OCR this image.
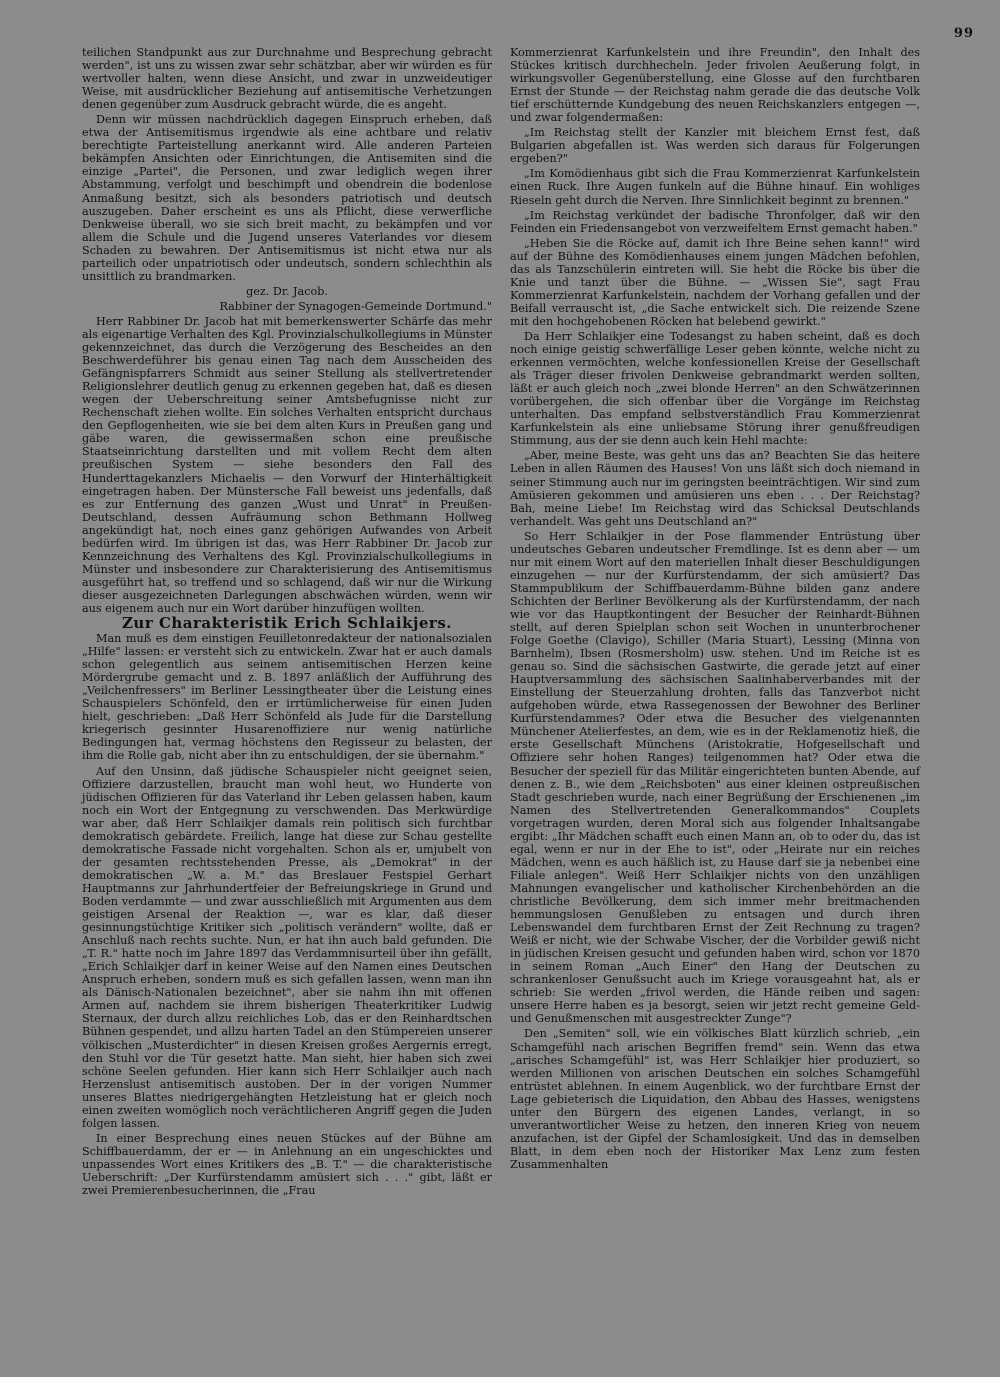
99

teilichen Standpunkt aus zur Durchnahme und Besprechung gebracht werden", ist uns zu wissen zwar sehr schätzbar, aber wir würden es für wertvoller halten, wenn diese Ansicht, und zwar in unzweideutiger Weise, mit ausdrücklicher Beziehung auf antisemitische Verhetzungen denen gegenüber zum Ausdruck gebracht würde, die es angeht.

Denn wir müssen nachdrücklich dagegen Einspruch erheben, daß etwa der Antisemitismus irgendwie als eine achtbare und relativ berechtigte Parteistellung anerkannt wird. Alle anderen Parteien bekämpfen Ansichten oder Einrichtungen, die Antisemiten sind die einzige „Partei", die Personen, und zwar lediglich wegen ihrer Abstammung, verfolgt und beschimpft und obendrein die bodenlose Anmaßung besitzt, sich als besonders patriotisch und deutsch auszugeben. Daher erscheint es uns als Pflicht, diese verwerfliche Denkweise überall, wo sie sich breit macht, zu bekämpfen und vor allem die Schule und die Jugend unseres Vaterlandes vor diesem Schaden zu bewahren. Der Antisemitismus ist nicht etwa nur als parteilich oder unpatriotisch oder undeutsch, sondern schlechthin als unsittlich zu brandmarken.

gez. Dr. Jacob.

Rabbiner der Synagogen-Gemeinde Dortmund."

Herr Rabbiner Dr. Jacob hat mit bemerkenswerter Schärfe das mehr als eigenartige Verhalten des Kgl. Provinzialschulkollegiums in Münster gekennzeichnet, das durch die Verzögerung des Bescheides an den Beschwerdeführer bis genau einen Tag nach dem Ausscheiden des Gefängnispfarrers Schmidt aus seiner Stellung als stellvertretender Religionslehrer deutlich genug zu erkennen gegeben hat, daß es diesen wegen der Ueberschreitung seiner Amtsbefugnisse nicht zur Rechenschaft ziehen wollte. Ein solches Verhalten entspricht durchaus den Gepflogenheiten, wie sie bei dem alten Kurs in Preußen gang und gäbe waren, die gewissermaßen schon eine preußische Staatseinrichtung darstellten und mit vollem Recht dem alten preußischen System — siehe besonders den Fall des Hunderttagekanzlers Michaelis — den Vorwurf der Hinterhältigkeit eingetragen haben. Der Münstersche Fall beweist uns jedenfalls, daß es zur Entfernung des ganzen „Wust und Unrat" in Preußen-Deutschland, dessen Aufräumung schon Bethmann Hollweg angekündigt hat, noch eines ganz gehörigen Aufwandes von Arbeit bedürfen wird. Im übrigen ist das, was Herr Rabbiner Dr. Jacob zur Kennzeichnung des Verhaltens des Kgl. Provinzialschulkollegiums in Münster und insbesondere zur Charakterisierung des Antisemitismus ausgeführt hat, so treffend und so schlagend, daß wir nur die Wirkung dieser ausgezeichneten Darlegungen abschwächen würden, wenn wir aus eigenem auch nur ein Wort darüber hinzufügen wollten.

Zur Charakteristik Erich Schlaikjers.

Man muß es dem einstigen Feuilletonredakteur der nationalsozialen „Hilfe" lassen: er versteht sich zu entwickeln. Zwar hat er auch damals schon gelegentlich aus seinem antisemitischen Herzen keine Mördergrube gemacht und z. B. 1897 anläßlich der Aufführung des „Veilchenfressers" im Berliner Lessingtheater über die Leistung eines Schauspielers Schönfeld, den er irrtümlicherweise für einen Juden hielt, geschrieben: „Daß Herr Schönfeld als Jude für die Darstellung kriegerisch gesinnter Husarenoffiziere nur wenig natürliche Bedingungen hat, vermag höchstens den Regisseur zu belasten, der ihm die Rolle gab, nicht aber ihn zu entschuldigen, der sie übernahm."

Auf den Unsinn, daß jüdische Schauspieler nicht geeignet seien, Offiziere darzustellen, braucht man wohl heut, wo Hunderte von jüdischen Offizieren für das Vaterland ihr Leben gelassen haben, kaum noch ein Wort der Entgegnung zu verschwenden. Das Merkwürdige war aber, daß Herr Schlaikjer damals rein politisch sich furchtbar demokratisch gebärdete. Freilich, lange hat diese zur Schau gestellte demokratische Fassade nicht vorgehalten. Schon als er, umjubelt von der gesamten rechtsstehenden Presse, als „Demokrat" in der demokratischen „W. a. M." das Breslauer Festspiel Gerhart Hauptmanns zur Jahrhundertfeier der Befreiungskriege in Grund und Boden verdammte — und zwar ausschließlich mit Argumenten aus dem geistigen Arsenal der Reaktion —, war es klar, daß dieser gesinnungstüchtige Kritiker sich „politisch verändern" wollte, daß er Anschluß nach rechts suchte. Nun, er hat ihn auch bald gefunden. Die „T. R." hatte noch im Jahre 1897 das Verdammnisurteil über ihn gefällt, „Erich Schlaikjer darf in keiner Weise auf den Namen eines Deutschen Anspruch erheben, sondern muß es sich gefallen lassen, wenn man ihn als Dänisch-Nationalen bezeichnet", aber sie nahm ihn mit offenen Armen auf, nachdem sie ihrem bisherigen Theaterkritiker Ludwig Sternaux, der durch allzu reichliches Lob, das er den Reinhardtschen Bühnen gespendet, und allzu harten Tadel an den Stümpereien unserer völkischen „Musterdichter" in diesen Kreisen großes Aergernis erregt, den Stuhl vor die Tür gesetzt hatte. Man sieht, hier haben sich zwei schöne Seelen gefunden. Hier kann sich Herr Schlaikjer auch nach Herzenslust antisemitisch austoben. Der in der vorigen Nummer unseres Blattes niedrigergehängten Hetzleistung hat er gleich noch einen zweiten womöglich noch verächtlicheren Angriff gegen die Juden folgen lassen.

In einer Besprechung eines neuen Stückes auf der Bühne am Schiffbauerdamm, der er — in Anlehnung an ein ungeschicktes und unpassendes Wort eines Kritikers des „B. T." — die charakteristische Ueberschrift: „Der Kurfürstendamm amüsiert sich . . ." gibt, läßt er zwei Premierenbesucherinnen, die „Frau

Kommerzienrat Karfunkelstein und ihre Freundin", den Inhalt des Stückes kritisch durchhecheln. Jeder frivolen Aeußerung folgt, in wirkungsvoller Gegenüberstellung, eine Glosse auf den furchtbaren Ernst der Stunde — der Reichstag nahm gerade die das deutsche Volk tief erschütternde Kundgebung des neuen Reichskanzlers entgegen —, und zwar folgendermaßen:

„Im Reichstag stellt der Kanzler mit bleichem Ernst fest, daß Bulgarien abgefallen ist. Was werden sich daraus für Folgerungen ergeben?"

„Im Komödienhaus gibt sich die Frau Kommerzienrat Karfunkelstein einen Ruck. Ihre Augen funkeln auf die Bühne hinauf. Ein wohliges Rieseln geht durch die Nerven. Ihre Sinnlichkeit beginnt zu brennen."

„Im Reichstag verkündet der badische Thronfolger, daß wir den Feinden ein Friedensangebot von verzweifeltem Ernst gemacht haben."

„Heben Sie die Röcke auf, damit ich Ihre Beine sehen kann!" wird auf der Bühne des Komödienhauses einem jungen Mädchen befohlen, das als Tanzschülerin eintreten will. Sie hebt die Röcke bis über die Knie und tanzt über die Bühne. — „Wissen Sie", sagt Frau Kommerzienrat Karfunkelstein, nachdem der Vorhang gefallen und der Beifall verrauscht ist, „die Sache entwickelt sich. Die reizende Szene mit den hochgehobenen Röcken hat belebend gewirkt."

Da Herr Schlaikjer eine Todesangst zu haben scheint, daß es doch noch einige geistig schwerfällige Leser geben könnte, welche nicht zu erkennen vermöchten, welche konfessionellen Kreise der Gesellschaft als Träger dieser frivolen Denkweise gebrandmarkt werden sollten, läßt er auch gleich noch „zwei blonde Herren" an den Schwätzerinnen vorübergehen, die sich offenbar über die Vorgänge im Reichstag unterhalten. Das empfand selbstverständlich Frau Kommerzienrat Karfunkelstein als eine unliebsame Störung ihrer genußfreudigen Stimmung, aus der sie denn auch kein Hehl machte:

„Aber, meine Beste, was geht uns das an? Beachten Sie das heitere Leben in allen Räumen des Hauses! Von uns läßt sich doch niemand in seiner Stimmung auch nur im geringsten beeinträchtigen. Wir sind zum Amüsieren gekommen und amüsieren uns eben . . . Der Reichstag? Bah, meine Liebe! Im Reichstag wird das Schicksal Deutschlands verhandelt. Was geht uns Deutschland an?"

So Herr Schlaikjer in der Pose flammender Entrüstung über undeutsches Gebaren undeutscher Fremdlinge. Ist es denn aber — um nur mit einem Wort auf den materiellen Inhalt dieser Beschuldigungen einzugehen — nur der Kurfürstendamm, der sich amüsiert? Das Stammpublikum der Schiffbauerdamm-Bühne bilden ganz andere Schichten der Berliner Bevölkerung als der Kurfürstendamm, der nach wie vor das Hauptkontingent der Besucher der Reinhardt-Bühnen stellt, auf deren Spielplan schon seit Wochen in ununterbrochener Folge Goethe (Clavigo), Schiller (Maria Stuart), Lessing (Minna von Barnhelm), Ibsen (Rosmersholm) usw. stehen. Und im Reiche ist es genau so. Sind die sächsischen Gastwirte, die gerade jetzt auf einer Hauptversammlung des sächsischen Saalinhaberverbandes mit der Einstellung der Steuerzahlung drohten, falls das Tanzverbot nicht aufgehoben würde, etwa Rassegenossen der Bewohner des Berliner Kurfürstendammes? Oder etwa die Besucher des vielgenannten Münchener Atelierfestes, an dem, wie es in der Reklamenotiz hieß, die erste Gesellschaft Münchens (Aristokratie, Hofgesellschaft und Offiziere sehr hohen Ranges) teilgenommen hat? Oder etwa die Besucher der speziell für das Militär eingerichteten bunten Abende, auf denen z. B., wie dem „Reichsboten" aus einer kleinen ostpreußischen Stadt geschrieben wurde, nach einer Begrüßung der Erschienenen „im Namen des Stellvertretenden Generalkommandos" Couplets vorgetragen wurden, deren Moral sich aus folgender Inhaltsangabe ergibt: „Ihr Mädchen schafft euch einen Mann an, ob to oder du, das ist egal, wenn er nur in der Ehe to ist", oder „Heirate nur ein reiches Mädchen, wenn es auch häßlich ist, zu Hause darf sie ja nebenbei eine Filiale anlegen". Weiß Herr Schlaikjer nichts von den unzähligen Mahnungen evangelischer und katholischer Kirchenbehörden an die christliche Bevölkerung, dem sich immer mehr breitmachenden hemmungslosen Genußleben zu entsagen und durch ihren Lebenswandel dem furchtbaren Ernst der Zeit Rechnung zu tragen? Weiß er nicht, wie der Schwabe Vischer, der die Vorbilder gewiß nicht in jüdischen Kreisen gesucht und gefunden haben wird, schon vor 1870 in seinem Roman „Auch Einer" den Hang der Deutschen zu schrankenloser Genußsucht auch im Kriege vorausgeahnt hat, als er schrieb: Sie werden „frivol werden, die Hände reiben und sagen: unsere Herre haben es ja besorgt, seien wir jetzt recht gemeine Geld- und Genußmenschen mit ausgestreckter Zunge"?

Den „Semiten" soll, wie ein völkisches Blatt kürzlich schrieb, „ein Schamgefühl nach arischen Begriffen fremd" sein. Wenn das etwa „arisches Schamgefühl" ist, was Herr Schlaikjer hier produziert, so werden Millionen von arischen Deutschen ein solches Schamgefühl entrüstet ablehnen. In einem Augenblick, wo der furchtbare Ernst der Lage gebieterisch die Liquidation, den Abbau des Hasses, wenigstens unter den Bürgern des eigenen Landes, verlangt, in so unverantwortlicher Weise zu hetzen, den inneren Krieg von neuem anzufachen, ist der Gipfel der Schamlosigkeit. Und das in demselben Blatt, in dem eben noch der Historiker Max Lenz zum festen Zusammenhalten
